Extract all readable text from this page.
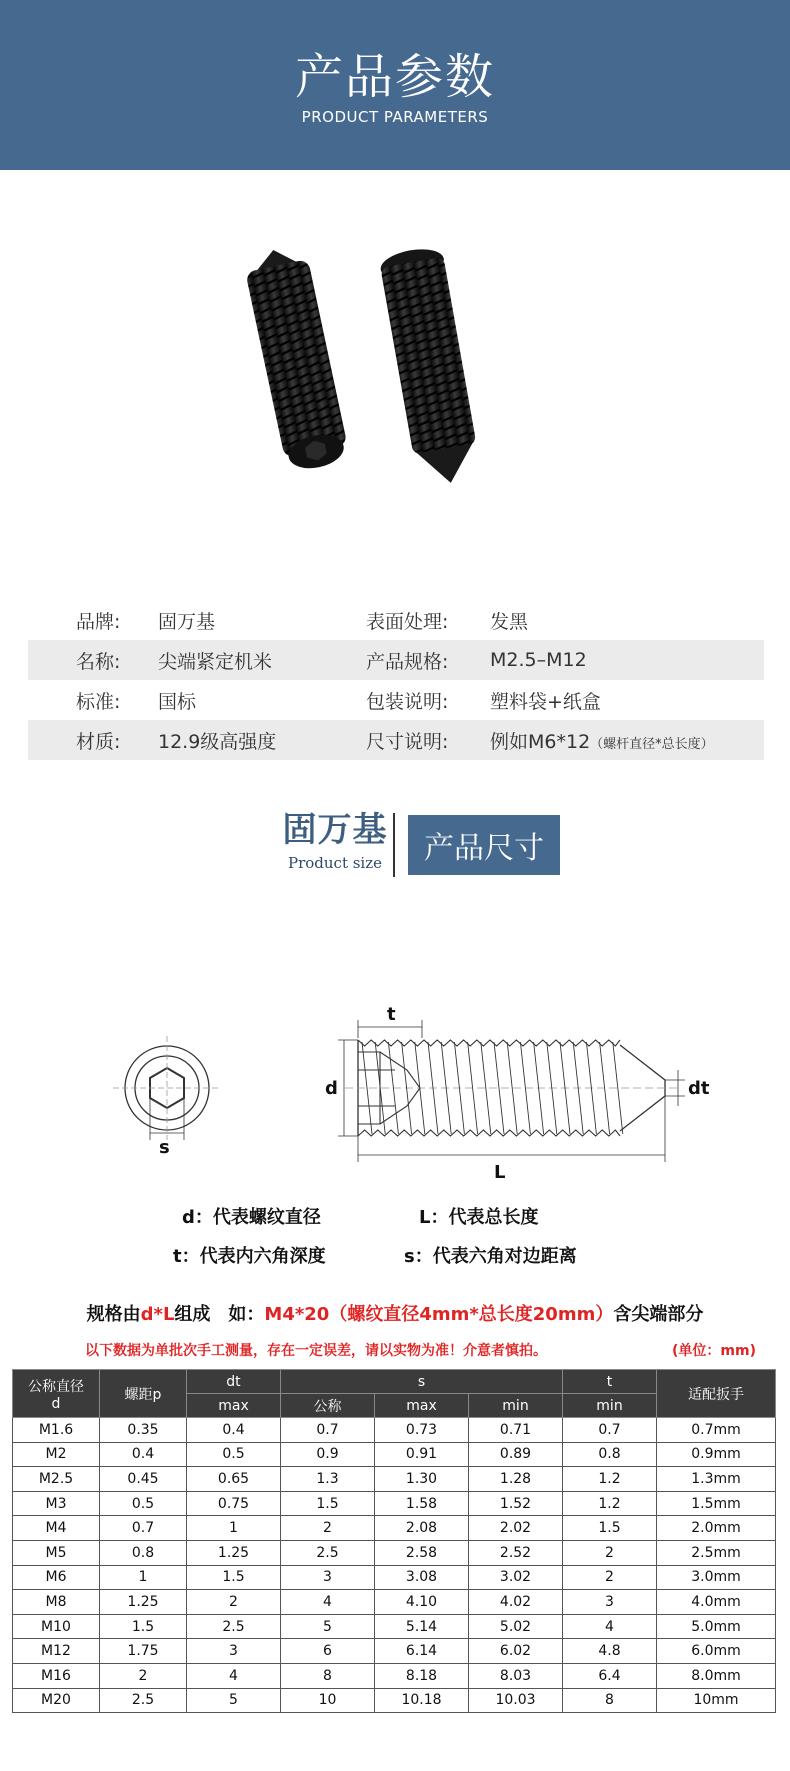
产品参数
PRODUCT PARAMETERS
品牌:	固万基	表面处理:	发黑
名称:	尖端紧定机米	产品规格:	M2.5–M12
标准:	国标	包装说明:	塑料袋+纸盒
材质:	12.9级高强度	尺寸说明:	例如M6*12（螺杆直径*总长度）
固万基
Product size	产品尺寸
s
t
d	dt
L
d：代表螺纹直径	L：代表总长度
t：代表内六角深度	s：代表六角对边距离
规格由d*L组成　如：M4*20（螺纹直径4mm*总长度20mm）含尖端部分
以下数据为单批次手工测量，存在一定误差，请以实物为准！介意者慎拍。	(单位：mm)
公称直径
d	螺距p	dt	s			t	适配扳手
		max	公称	max	min	min	
M1.6	0.35	0.4	0.7	0.73	0.71	0.7	0.7mm
M2	0.4	0.5	0.9	0.91	0.89	0.8	0.9mm
M2.5	0.45	0.65	1.3	1.30	1.28	1.2	1.3mm
M3	0.5	0.75	1.5	1.58	1.52	1.2	1.5mm
M4	0.7	1	2	2.08	2.02	1.5	2.0mm
M5	0.8	1.25	2.5	2.58	2.52	2	2.5mm
M6	1	1.5	3	3.08	3.02	2	3.0mm
M8	1.25	2	4	4.10	4.02	3	4.0mm
M10	1.5	2.5	5	5.14	5.02	4	5.0mm
M12	1.75	3	6	6.14	6.02	4.8	6.0mm
M16	2	4	8	8.18	8.03	6.4	8.0mm
M20	2.5	5	10	10.18	10.03	8	10mm
